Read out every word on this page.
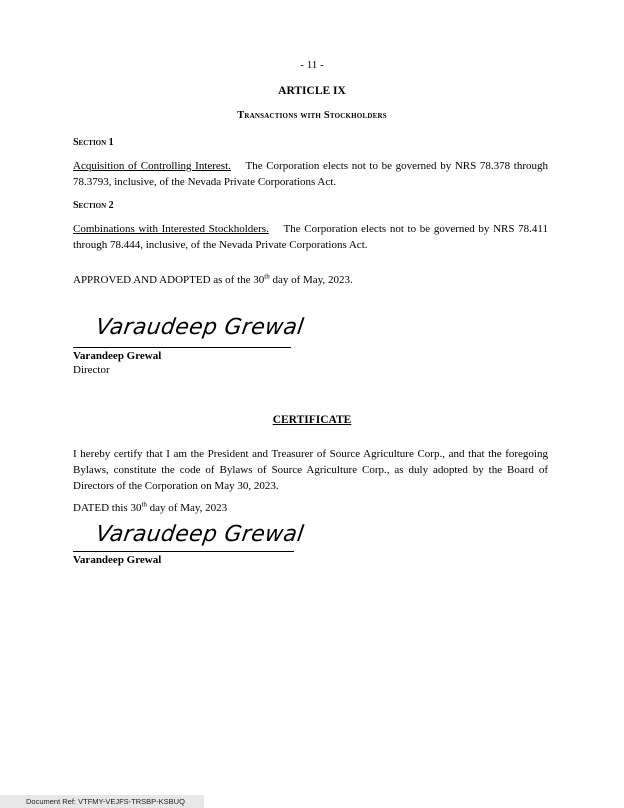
- 11 -
ARTICLE IX
Transactions with Stockholders
Section 1
Acquisition of Controlling Interest. The Corporation elects not to be governed by NRS 78.378 through 78.3793, inclusive, of the Nevada Private Corporations Act.
Section 2
Combinations with Interested Stockholders. The Corporation elects not to be governed by NRS 78.411 through 78.444, inclusive, of the Nevada Private Corporations Act.
APPROVED AND ADOPTED as of the 30th day of May, 2023.
Varaudeep Grewal
Varandeep Grewal
Director
CERTIFICATE
I hereby certify that I am the President and Treasurer of Source Agriculture Corp., and that the foregoing Bylaws, constitute the code of Bylaws of Source Agriculture Corp., as duly adopted by the Board of Directors of the Corporation on May 30, 2023.
DATED this 30th day of May, 2023
Varaudeep Grewal
Varandeep Grewal
Document Ref: VTFMY-VEJFS-TRSBP-KSBUQ
